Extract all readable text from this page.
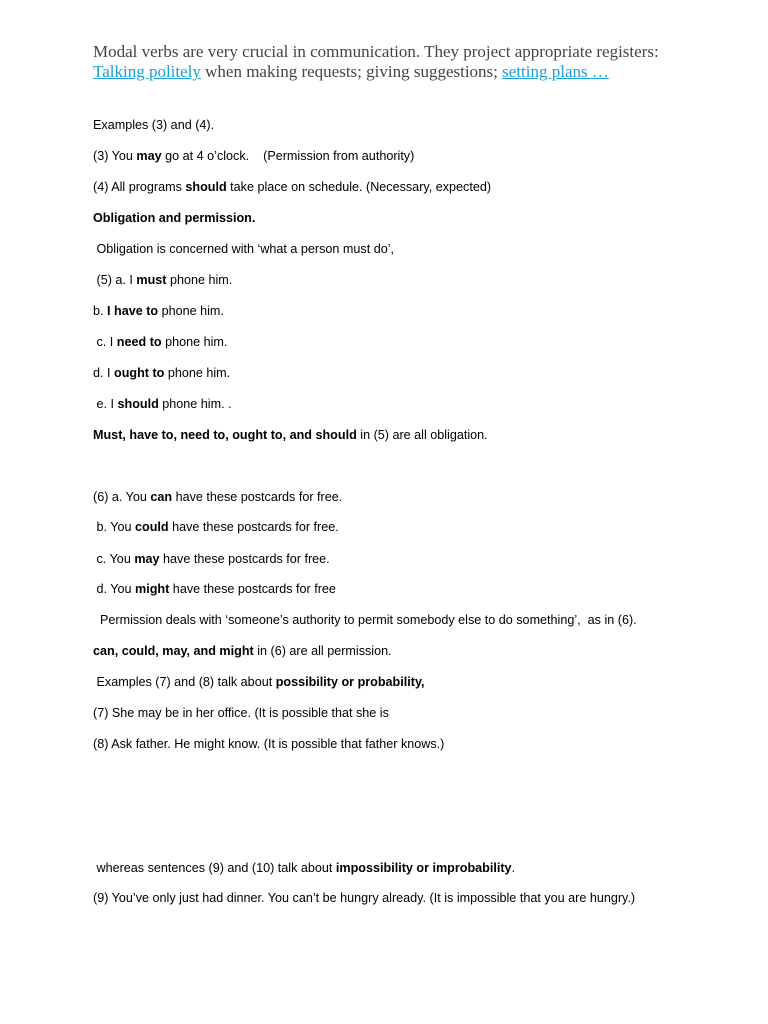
Modal verbs are very crucial in communication. They project appropriate registers: Talking politely when making requests; giving suggestions; setting plans …

Examples (3) and (4).

(3) You may go at 4 o’clock.    (Permission from authority)

(4) All programs should take place on schedule. (Necessary, expected)

Obligation and permission.

Obligation is concerned with ‘what a person must do’,

(5) a. I must phone him.

b. I have to phone him.

c. I need to phone him.

d. I ought to phone him.

e. I should phone him. .

Must, have to, need to, ought to, and should in (5) are all obligation.

(6) a. You can have these postcards for free.

b. You could have these postcards for free.

c. You may have these postcards for free.

d. You might have these postcards for free

Permission deals with ‘someone’s authority to permit somebody else to do something’,  as in (6).

can, could, may, and might in (6) are all permission.

Examples (7) and (8) talk about possibility or probability,

(7) She may be in her office. (It is possible that she is

(8) Ask father. He might know. (It is possible that father knows.)

whereas sentences (9) and (10) talk about impossibility or improbability.

(9) You’ve only just had dinner. You can’t be hungry already. (It is impossible that you are hungry.)
